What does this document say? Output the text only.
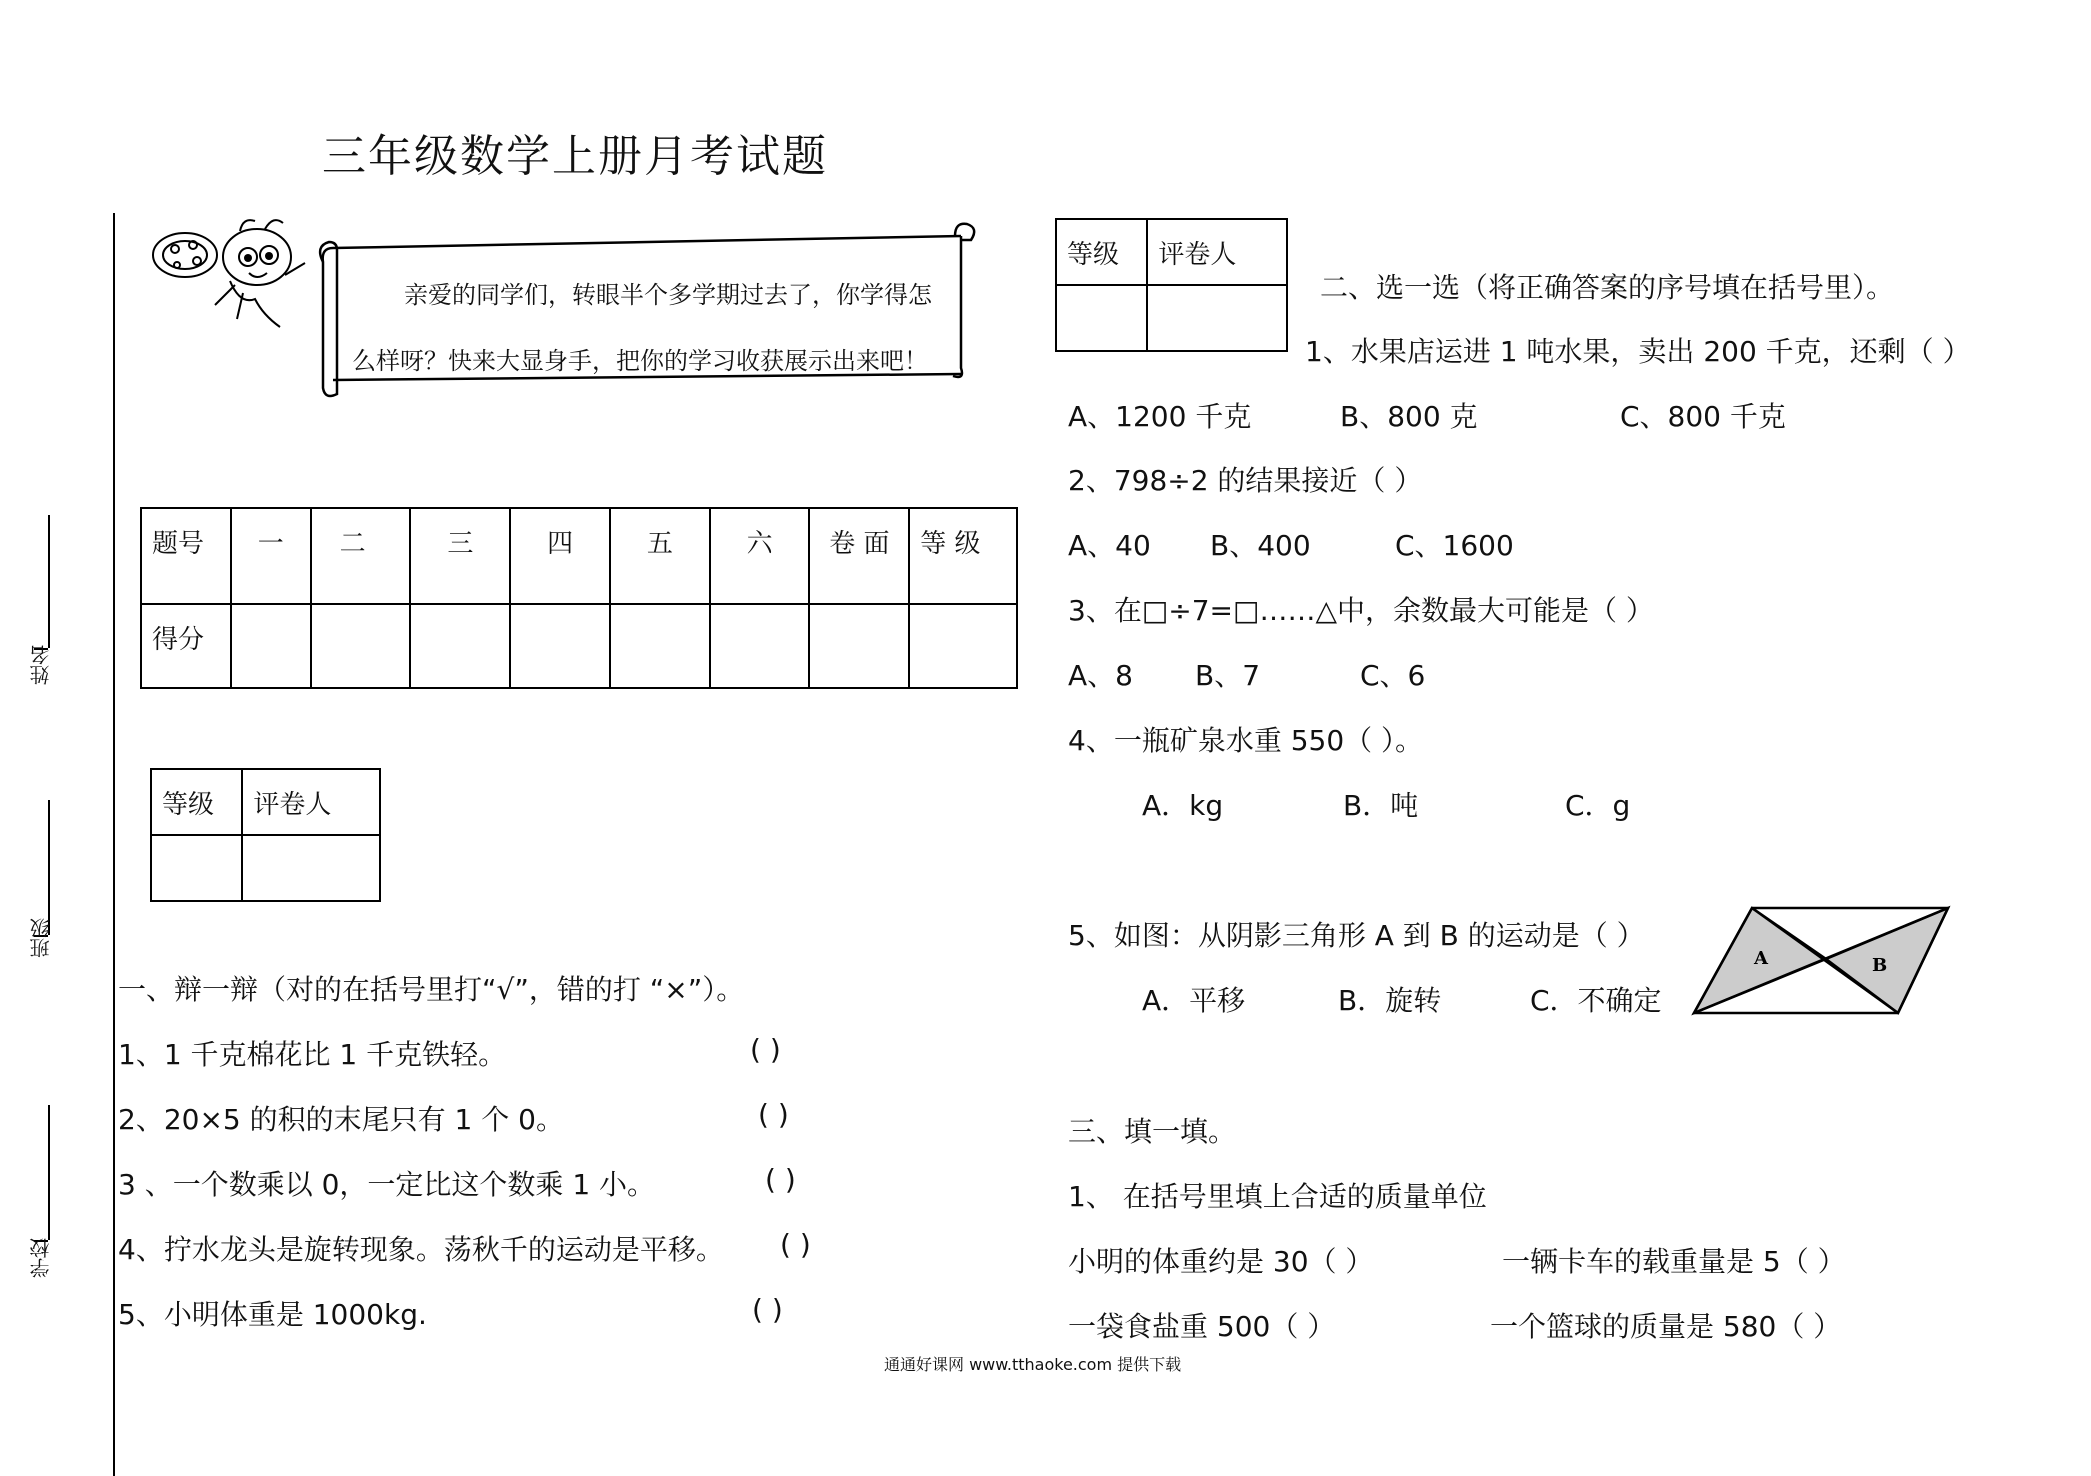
三年级数学上册月考试题
姓名
班级
学校
亲爱的同学们，转眼半个多学期过去了，你学得怎
么样呀？快来大显身手，把你的学习收获展示出来吧！
题号	一	二	三	四	五	六	卷 面	等 级
得分								
等级	评卷人

一、辩一辩（对的在括号里打“√”，错的打 “×”）。
1、1 千克棉花比 1 千克铁轻。	( )
2、20×5 的积的末尾只有 1 个 0。	( )
3 、一个数乘以 0，一定比这个数乘 1 小。	( )
4、拧水龙头是旋转现象。荡秋千的运动是平移。 ( )
5、小明体重是 1000kg.	( )
等级	评卷人

二、选一选（将正确答案的序号填在括号里）。
1、水果店运进 1 吨水果，卖出 200 千克，还剩（ ）
A、1200 千克	B、800 克	C、800 千克
2、798÷2 的结果接近（ ）
A、40 B、400	C、1600
3、在□÷7=□……△中，余数最大可能是（ ）
A、8 B、7	C、6
4、一瓶矿泉水重 550（ ）。
A．kg	B．吨	C．g
5、如图：从阴影三角形 A 到 B 的运动是（ ）
A．平移	B．旋转	C．不确定
A	B
三、填一填。
1、 在括号里填上合适的质量单位
小明的体重约是 30（ ）	一辆卡车的载重量是 5（ ）
一袋食盐重 500（ ）	一个篮球的质量是 580（ ）
通通好课网 www.tthaoke.com 提供下载
